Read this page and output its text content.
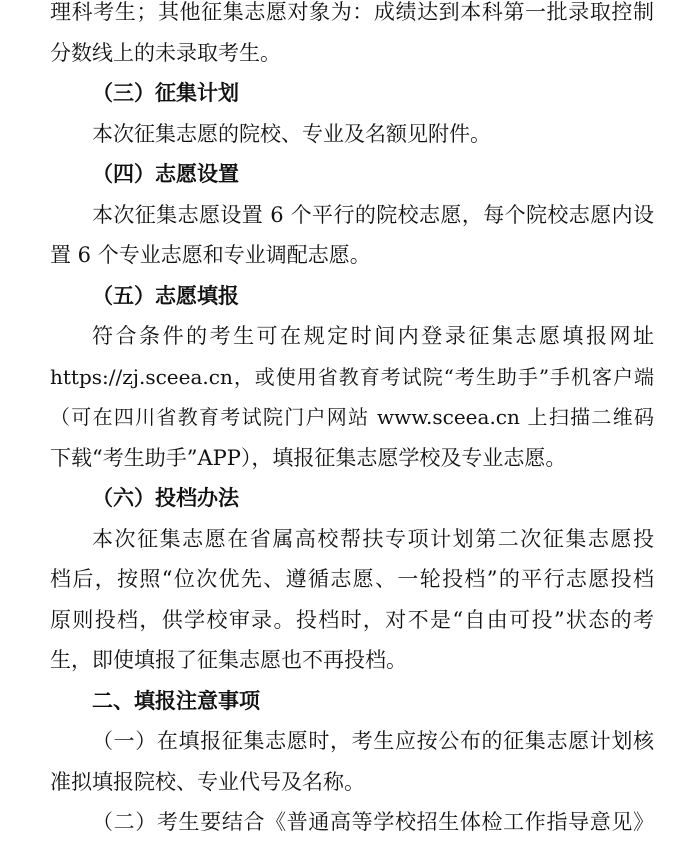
理科考生；其他征集志愿对象为：成绩达到本科第一批录取控制
分数线上的未录取考生。
（三）征集计划
本次征集志愿的院校、专业及名额见附件。
（四）志愿设置
本次征集志愿设置 6 个平行的院校志愿，每个院校志愿内设
置 6 个专业志愿和专业调配志愿。
（五）志愿填报
符合条件的考生可在规定时间内登录征集志愿填报网址
https://zj.sceea.cn，或使用省教育考试院“考生助手”手机客户端
（可在四川省教育考试院门户网站 www.sceea.cn 上扫描二维码
下载“考生助手”APP），填报征集志愿学校及专业志愿。
（六）投档办法
本次征集志愿在省属高校帮扶专项计划第二次征集志愿投
档后，按照“位次优先、遵循志愿、一轮投档”的平行志愿投档
原则投档，供学校审录。投档时，对不是“自由可投”状态的考
生，即使填报了征集志愿也不再投档。
二、填报注意事项
（一）在填报征集志愿时，考生应按公布的征集志愿计划核
准拟填报院校、专业代号及名称。
（二）考生要结合《普通高等学校招生体检工作指导意见》
